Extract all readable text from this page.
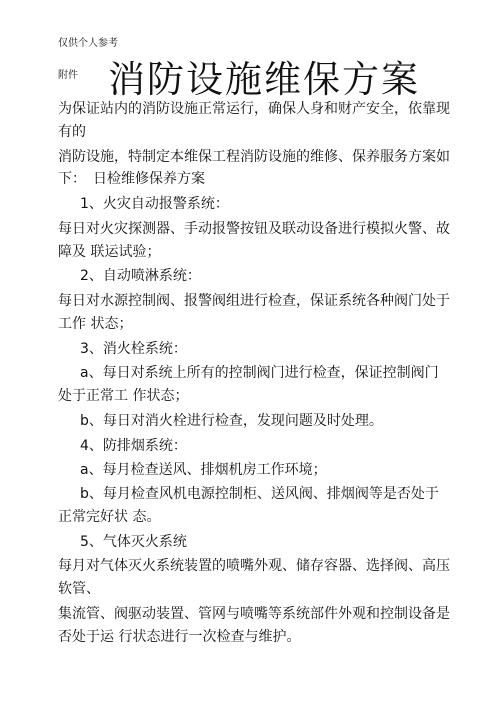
仅供个人参考
附件 消防设施维保方案
为保证站内的消防设施正常运行，确保人身和财产安全，依靠现
有的
消防设施，特制定本维保工程消防设施的维修、保养服务方案如
下：　日检维修保养方案
1、火灾自动报警系统：
每日对火灾探测器、手动报警按钮及联动设备进行模拟火警、故
障及 联运试验；
2、自动喷淋系统：
每日对水源控制阀、报警阀组进行检查，保证系统各种阀门处于
工作 状态；
3、消火栓系统：
a、每日对系统上所有的控制阀门进行检查，保证控制阀门
处于正常工 作状态；
b、每日对消火栓进行检查，发现问题及时处理。
4、防排烟系统：
a、每月检查送风、排烟机房工作环境；
b、每月检查风机电源控制柜、送风阀、排烟阀等是否处于
正常完好状 态。
5、气体灭火系统
每月对气体灭火系统装置的喷嘴外观、储存容器、选择阀、高压
软管、
集流管、阀驱动装置、管网与喷嘴等系统部件外观和控制设备是
否处于运 行状态进行一次检查与维护。
